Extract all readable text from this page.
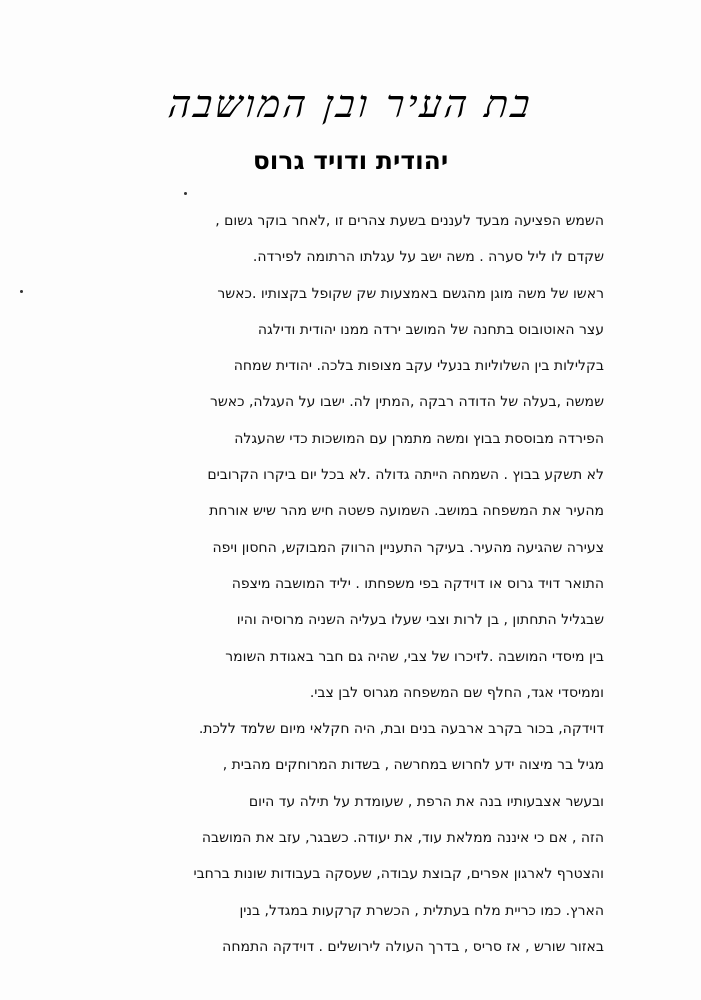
בת העיר ובן המושבה
יהודית ודויד גרוס
השמש הפציעה מבעד לעננים בשעת צהרים זו ,לאחר בוקר גשום ,
שקדם לו ליל סערה . משה ישב על עגלתו הרתומה לפירדה.
ראשו של משה מוגן מהגשם באמצעות שק שקופל בקצותיו .כאשר
עצר האוטובוס בתחנה של המושב ירדה ממנו יהודית ודילגה
בקלילות בין השלוליות בנעלי עקב מצופות בלכה. יהודית שמחה
שמשה ,בעלה של הדודה רבקה ,המתין לה. ישבו על העגלה, כאשר
הפירדה מבוססת בבוץ ומשה מתמרן עם המושכות כדי שהעגלה
לא תשקע בבוץ . השמחה הייתה גדולה .לא בכל יום ביקרו הקרובים
מהעיר את המשפחה במושב. השמועה פשטה חיש מהר שיש אורחת
צעירה שהגיעה מהעיר. בעיקר התעניין הרווק המבוקש, החסון ויפה
התואר דויד גרוס או דוידקה בפי משפחתו . יליד המושבה מיצפה
שבגליל התחתון , בן לרות וצבי שעלו בעליה השניה מרוסיה והיו
בין מיסדי המושבה .לזיכרו של צבי, שהיה גם חבר באגודת השומר
וממיסדי אגד, החלף שם המשפחה מגרוס לבן צבי.
דוידקה, בכור בקרב ארבעה בנים ובת, היה חקלאי מיום שלמד ללכת.
מגיל בר מיצוה ידע לחרוש במחרשה , בשדות המרוחקים מהבית ,
ובעשר אצבעותיו בנה את הרפת , שעומדת על תילה עד היום
הזה , אם כי איננה ממלאת עוד, את יעודה. כשבגר, עזב את המושבה
והצטרף לארגון אפרים, קבוצת עבודה, שעסקה בעבודות שונות ברחבי
הארץ. כמו כריית מלח בעתלית , הכשרת קרקעות במגדל, בנין
באזור שורש , אז סריס , בדרך העולה לירושלים . דוידקה התמחה
